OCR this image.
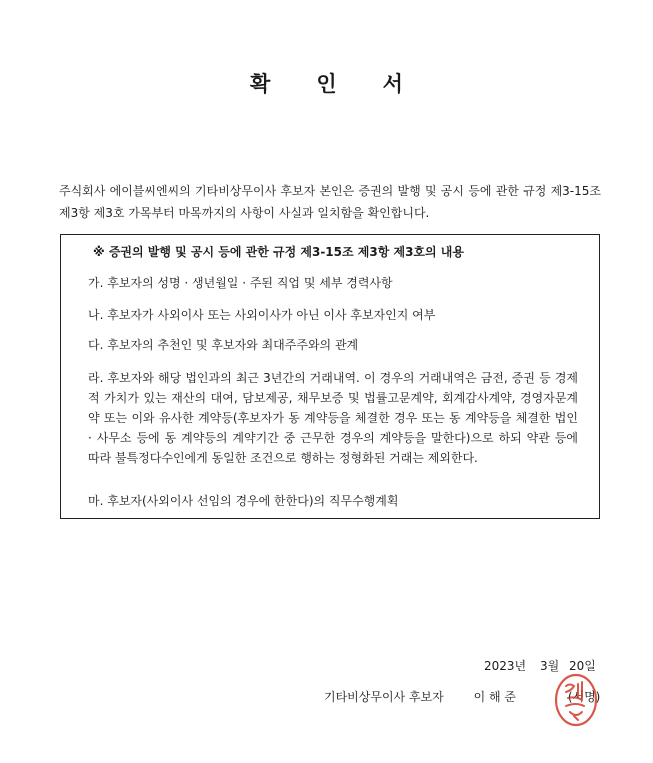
확 인 서
주식회사 에이블씨엔씨의 기타비상무이사 후보자 본인은 증권의 발행 및 공시 등에 관한 규정 제3-15조 제3항 제3호 가목부터 마목까지의 사항이 사실과 일치함을 확인합니다.
※ 증권의 발행 및 공시 등에 관한 규정 제3-15조 제3항 제3호의 내용
가. 후보자의 성명 · 생년월일 · 주된 직업 및 세부 경력사항
나. 후보자가 사외이사 또는 사외이사가 아닌 이사 후보자인지 여부
다. 후보자의 추천인 및 후보자와 최대주주와의 관계
라. 후보자와 해당 법인과의 최근 3년간의 거래내역. 이 경우의 거래내역은 금전, 증권 등 경제적 가치가 있는 재산의 대여, 담보제공, 채무보증 및 법률고문계약, 회계감사계약, 경영자문계약 또는 이와 유사한 계약등(후보자가 동 계약등을 체결한 경우 또는 동 계약등을 체결한 법인 · 사무소 등에 동 계약등의 계약기간 중 근무한 경우의 계약등을 말한다)으로 하되 약관 등에 따라 불특정다수인에게 동일한 조건으로 행하는 정형화된 거래는 제외한다.
마. 후보자(사외이사 선임의 경우에 한한다)의 직무수행계획
2023년 3월 20일
기타비상무이사 후보자 이 해 준	(서명)
